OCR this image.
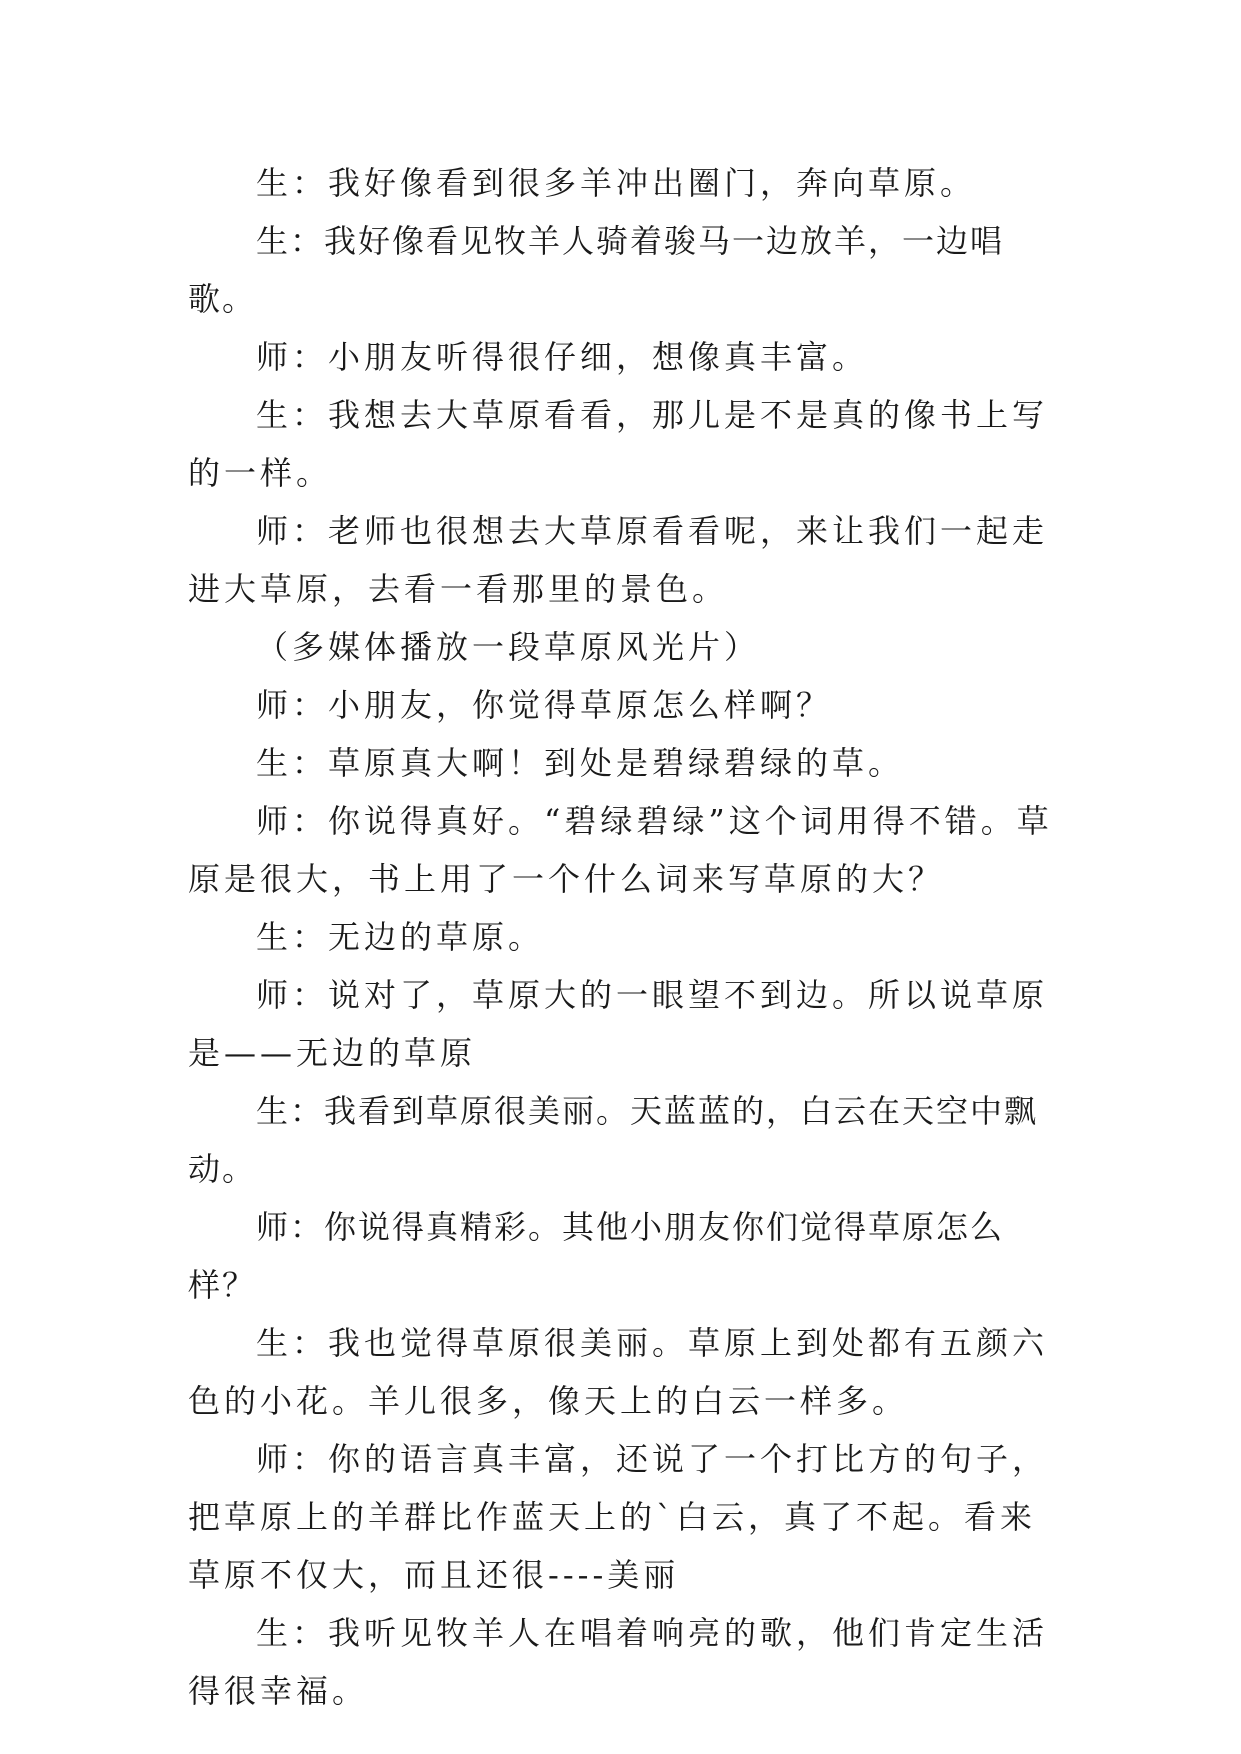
生：我好像看到很多羊冲出圈门，奔向草原。

生：我好像看见牧羊人骑着骏马一边放羊，一边唱歌。

师：小朋友听得很仔细，想像真丰富。

生：我想去大草原看看，那儿是不是真的像书上写的一样。

师：老师也很想去大草原看看呢，来让我们一起走进大草原，去看一看那里的景色。

（多媒体播放一段草原风光片）

师：小朋友，你觉得草原怎么样啊？

生：草原真大啊！到处是碧绿碧绿的草。

师：你说得真好。“碧绿碧绿”这个词用得不错。草原是很大，书上用了一个什么词来写草原的大？

生：无边的草原。

师：说对了，草原大的一眼望不到边。所以说草原是——无边的草原

生：我看到草原很美丽。天蓝蓝的，白云在天空中飘动。

师：你说得真精彩。其他小朋友你们觉得草原怎么样？

生：我也觉得草原很美丽。草原上到处都有五颜六色的小花。羊儿很多，像天上的白云一样多。

师：你的语言真丰富，还说了一个打比方的句子，把草原上的羊群比作蓝天上的`白云，真了不起。看来草原不仅大，而且还很----美丽

生：我听见牧羊人在唱着响亮的歌，他们肯定生活得很幸福。
